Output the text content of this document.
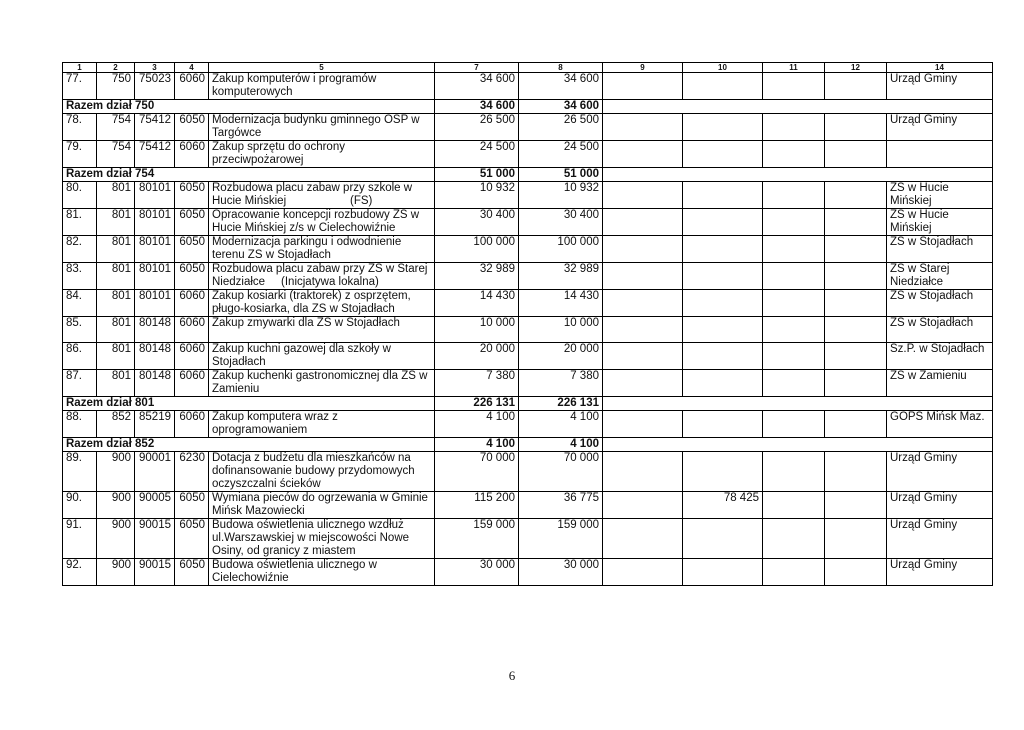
1	2	3	4	5	7	8	9	10	11	12	14
77.	750	75023	6060	Zakup komputerów i programów komputerowych	34 600	34 600					Urząd Gminy
Razem dział 750					34 600	34 600					
78.	754	75412	6050	Modernizacja budynku gminnego OSP w Targówce	26 500	26 500					Urząd Gminy
79.	754	75412	6060	Zakup sprzętu do ochrony przeciwpożarowej	24 500	24 500					
Razem dział 754					51 000	51 000					
80.	801	80101	6050	Rozbudowa placu zabaw przy szkole w Hucie Mińskiej                    (FS)	10 932	10 932					ZS w Hucie Mińskiej
81.	801	80101	6050	Opracowanie koncepcji rozbudowy ZS w Hucie Mińskiej z/s w Cielechowiźnie	30 400	30 400					ZS w Hucie Mińskiej
82.	801	80101	6050	Modernizacja parkingu i odwodnienie terenu ZS w Stojadłach	100 000	100 000					ZS w Stojadłach
83.	801	80101	6050	Rozbudowa placu zabaw przy ZS w Starej Niedziałce     (Inicjatywa lokalna)	32 989	32 989					ZS w Starej Niedziałce
84.	801	80101	6060	Zakup kosiarki (traktorek) z osprzętem, pługo-kosiarka, dla ZS w Stojadłach	14 430	14 430					ZS w Stojadłach
85.	801	80148	6060	Zakup zmywarki dla ZS w Stojadłach	10 000	10 000					ZS w Stojadłach
86.	801	80148	6060	Zakup kuchni gazowej dla szkoły w Stojadłach	20 000	20 000					Sz.P. w Stojadłach
87.	801	80148	6060	Zakup kuchenki gastronomicznej dla ZS w Zamieniu	7 380	7 380					ZS w Zamieniu
Razem dział 801					226 131	226 131					
88.	852	85219	6060	Zakup komputera wraz z oprogramowaniem	4 100	4 100					GOPS Mińsk Maz.
Razem dział 852					4 100	4 100					
89.	900	90001	6230	Dotacja z budżetu dla mieszkańców na dofinansowanie budowy przydomowych oczyszczalni ścieków	70 000	70 000					Urząd Gminy
90.	900	90005	6050	Wymiana pieców do ogrzewania w Gminie Mińsk Mazowiecki	115 200	36 775		78 425			Urząd Gminy
91.	900	90015	6050	Budowa oświetlenia ulicznego wzdłuż ul.Warszawskiej w miejscowości Nowe Osiny, od granicy z miastem	159 000	159 000					Urząd Gminy
92.	900	90015	6050	Budowa oświetlenia ulicznego w Cielechowiźnie	30 000	30 000					Urząd Gminy
6
